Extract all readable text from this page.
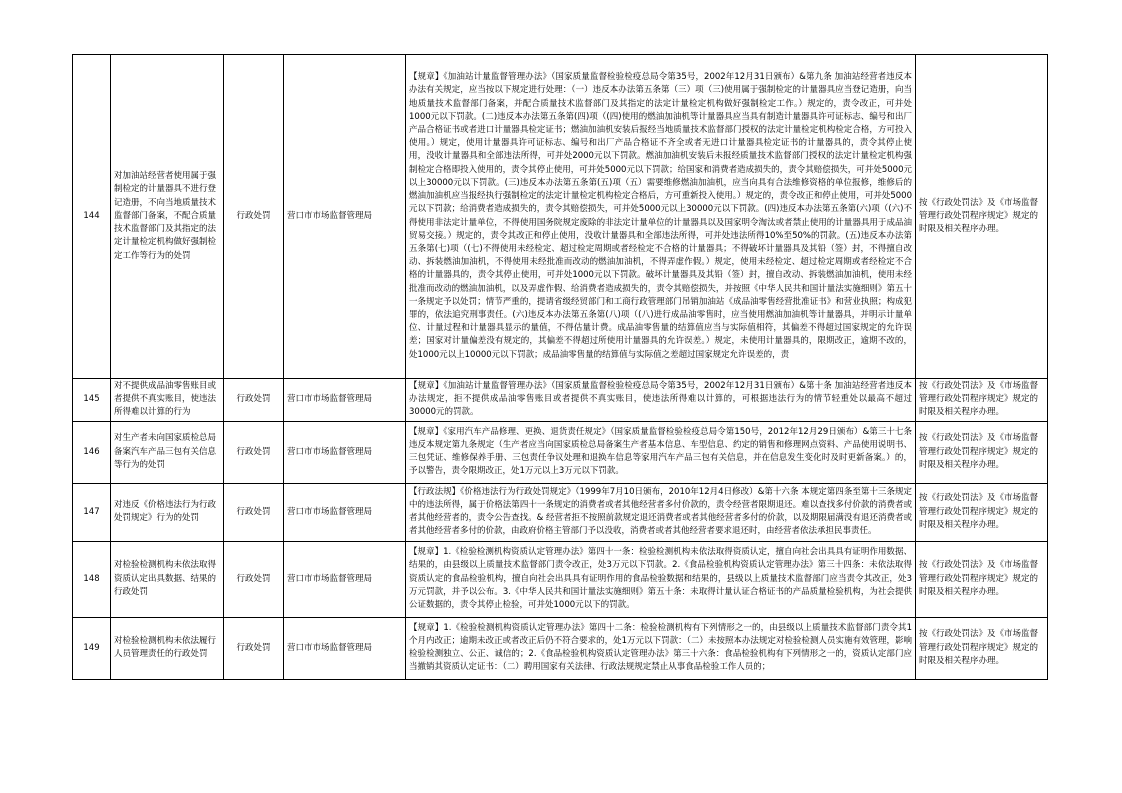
144	对加油站经营者使用属于强制检定的计量器具不进行登记造册，不向当地质量技术监督部门备案，不配合质量技术监督部门及其指定的法定计量检定机构做好强制检定工作等行为的处罚	行政处罚	营口市市场监督管理局	【规章】《加油站计量监督管理办法》（国家质量监督检验检疫总局令第35号，2002年12月31日颁布）&第九条 加油站经营者违反本办法有关规定，应当按以下规定进行处理：（一）违反本办法第五条第（三）项（三)使用属于强制检定的计量器具应当登记造册，向当地质量技术监督部门备案，并配合质量技术监督部门及其指定的法定计量检定机构做好强制检定工作。）规定的，责令改正，可并处1000元以下罚款。(二)违反本办法第五条第(四)项（(四)使用的燃油加油机等计量器具应当具有制造计量器具许可证标志、编号和出厂产品合格证书或者进口计量器具检定证书；燃油加油机安装后报经当地质量技术监督部门授权的法定计量检定机构检定合格，方可投入使用。）规定，使用计量器具许可证标志、编号和出厂产品合格证不齐全或者无进口计量器具检定证书的计量器具的，责令其停止使用，没收计量器具和全部违法所得，可并处2000元以下罚款。燃油加油机安装后未报经质量技术监督部门授权的法定计量检定机构强制检定合格即投入使用的，责令其停止使用，可并处5000元以下罚款；给国家和消费者造成损失的，责令其赔偿损失，可并处5000元以上30000元以下罚款。(三)违反本办法第五条第(五)项（五）需要维修燃油加油机，应当向具有合法维修资格的单位报修，维修后的燃油加油机应当报经执行强制检定的法定计量检定机构检定合格后，方可重新投入使用。）规定的，责令改正和停止使用，可并处5000元以下罚款；给消费者造成损失的，责令其赔偿损失，可并处5000元以上30000元以下罚款。(四)违反本办法第五条第(六)项（(六)不得使用非法定计量单位，不得使用国务院规定废除的非法定计量单位的计量器具以及国家明令淘汰或者禁止使用的计量器具用于成品油贸易交接。）规定的，责令其改正和停止使用，没收计量器具和全部违法所得，可并处违法所得10%至50%的罚款。(五)违反本办法第五条第(七)项（(七)不得使用未经检定、超过检定周期或者经检定不合格的计量器具；不得破坏计量器具及其铅（签）封，不得擅自改动、拆装燃油加油机，不得使用未经批准而改动的燃油加油机，不得弄虚作假。）规定，使用未经检定、超过检定周期或者经检定不合格的计量器具的，责令其停止使用，可并处1000元以下罚款。破坏计量器具及其铅（签）封，擅自改动、拆装燃油加油机，使用未经批准而改动的燃油加油机，以及弄虚作假、给消费者造成损失的，责令其赔偿损失，并按照《中华人民共和国计量法实施细则》第五十一条规定予以处罚；情节严重的，提请省级经贸部门和工商行政管理部门吊销加油站《成品油零售经营批准证书》和营业执照；构成犯罪的，依法追究刑事责任。(六)违反本办法第五条第(八)项（(八)进行成品油零售时，应当使用燃油加油机等计量器具，并明示计量单位、计量过程和计量器具显示的量值，不得估量计费。成品油零售量的结算值应当与实际值相符，其偏差不得超过国家规定的允许误差；国家对计量偏差没有规定的，其偏差不得超过所使用计量器具的允许误差。）规定，未使用计量器具的，限期改正，逾期不改的，处1000元以上10000元以下罚款；成品油零售量的结算值与实际值之差超过国家规定允许误差的，责	按《行政处罚法》及《市场监督管理行政处罚程序规定》规定的时限及相关程序办理。
145	对不提供成品油零售账目或者提供不真实账目，使违法所得难以计算的行为	行政处罚	营口市市场监督管理局	【规章】《加油站计量监督管理办法》（国家质量监督检验检疫总局令第35号，2002年12月31日颁布）&第十条 加油站经营者违反本办法规定，拒不提供成品油零售账目或者提供不真实账目，使违法所得难以计算的，可根据违法行为的情节轻重处以最高不超过30000元的罚款。	按《行政处罚法》及《市场监督管理行政处罚程序规定》规定的时限及相关程序办理。
146	对生产者未向国家质检总局备案汽车产品三包有关信息等行为的处罚	行政处罚	营口市市场监督管理局	【规章】《家用汽车产品修理、更换、退货责任规定》（国家质量监督检验检疫总局令第150号，2012年12月29日颁布）&第三十七条 违反本规定第九条规定（生产者应当向国家质检总局备案生产者基本信息、车型信息、约定的销售和修理网点资料、产品使用说明书、三包凭证、维修保养手册、三包责任争议处理和退换车信息等家用汽车产品三包有关信息，并在信息发生变化时及时更新备案。）的，予以警告，责令限期改正，处1万元以上3万元以下罚款。	按《行政处罚法》及《市场监督管理行政处罚程序规定》规定的时限及相关程序办理。
147	对违反《价格违法行为行政处罚规定》行为的处罚	行政处罚	营口市市场监督管理局	【行政法规】《价格违法行为行政处罚规定》（1999年7月10日颁布，2010年12月4日修改）&第十六条 本规定第四条至第十三条规定中的违法所得，属于价格法第四十一条规定的消费者或者其他经营者多付价款的，责令经营者限期退还。难以查找多付价款的消费者或者其他经营者的，责令公告查找。& 经营者拒不按照前款规定退还消费者或者其他经营者多付的价款，以及期限届满没有退还消费者或者其他经营者多付的价款，由政府价格主管部门予以没收，消费者或者其他经营者要求退还时，由经营者依法承担民事责任。	按《行政处罚法》及《市场监督管理行政处罚程序规定》规定的时限及相关程序办理。
148	对检验检测机构未依法取得资质认定出具数据、结果的行政处罚	行政处罚	营口市市场监督管理局	【规章】1.《检验检测机构资质认定管理办法》第四十一条：检验检测机构未依法取得资质认定，擅自向社会出具具有证明作用数据、结果的，由县级以上质量技术监督部门责令改正，处3万元以下罚款。2.《食品检验机构资质认定管理办法》第三十四条：未依法取得资质认定的食品检验机构，擅自向社会出具具有证明作用的食品检验数据和结果的，县级以上质量技术监督部门应当责令其改正，处3万元罚款，并予以公布。3.《中华人民共和国计量法实施细则》第五十条：未取得计量认证合格证书的产品质量检验机构，为社会提供公证数据的，责令其停止检验，可并处1000元以下的罚款。	按《行政处罚法》及《市场监督管理行政处罚程序规定》规定的时限及相关程序办理。
149	对检验检测机构未依法履行人员管理责任的行政处罚	行政处罚	营口市市场监督管理局	【规章】1.《检验检测机构资质认定管理办法》第四十二条：检验检测机构有下列情形之一的，由县级以上质量技术监督部门责令其1个月内改正；逾期未改正或者改正后仍不符合要求的，处1万元以下罚款：（二）未按照本办法规定对检验检测人员实施有效管理，影响检验检测独立、公正、诚信的；2.《食品检验机构资质认定管理办法》第三十六条：食品检验机构有下列情形之一的，资质认定部门应当撤销其资质认定证书：（二）聘用国家有关法律、行政法规规定禁止从事食品检验工作人员的；	按《行政处罚法》及《市场监督管理行政处罚程序规定》规定的时限及相关程序办理。
